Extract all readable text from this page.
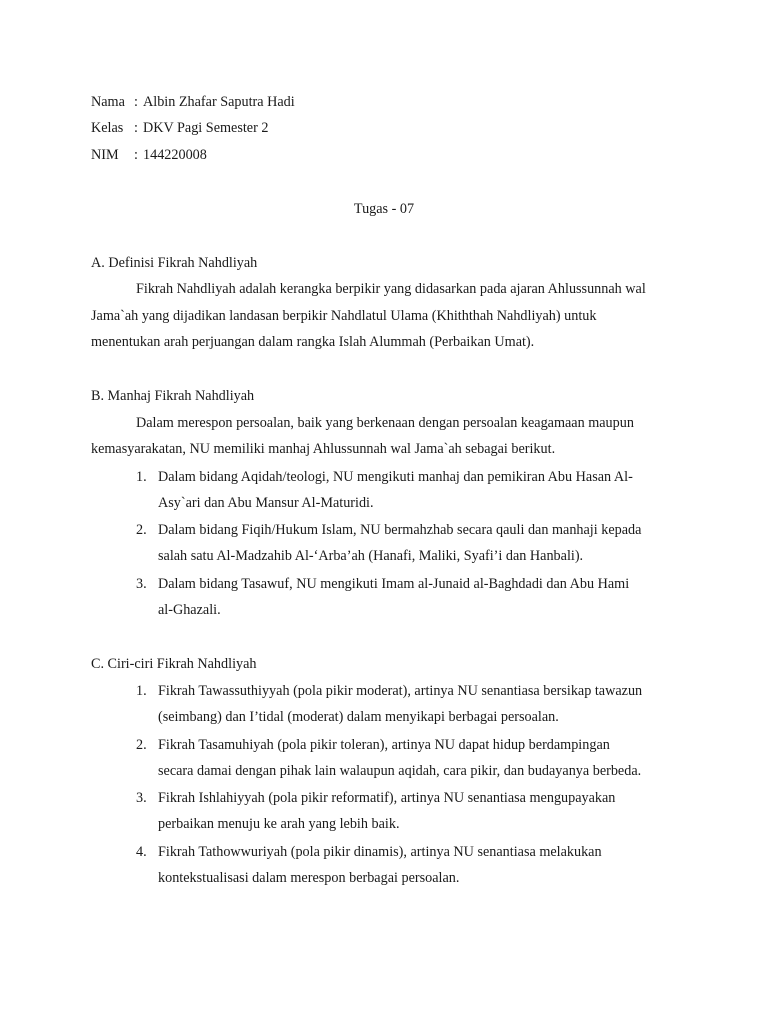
Nama : Albin Zhafar Saputra Hadi
Kelas : DKV Pagi Semester 2
NIM : 144220008
Tugas - 07
A. Definisi Fikrah Nahdliyah
Fikrah Nahdliyah adalah kerangka berpikir yang didasarkan pada ajaran Ahlussunnah wal
Jama`ah yang dijadikan landasan berpikir Nahdlatul Ulama (Khiththah Nahdliyah) untuk
menentukan arah perjuangan dalam rangka Islah Alummah (Perbaikan Umat).
B. Manhaj Fikrah Nahdliyah
Dalam merespon persoalan, baik yang berkenaan dengan persoalan keagamaan maupun
kemasyarakatan, NU memiliki manhaj Ahlussunnah wal Jama`ah sebagai berikut.
1. Dalam bidang Aqidah/teologi, NU mengikuti manhaj dan pemikiran Abu Hasan Al-
Asy`ari dan Abu Mansur Al-Maturidi.
2. Dalam bidang Fiqih/Hukum Islam, NU bermahzhab secara qauli dan manhaji kepada
salah satu Al-Madzahib Al-‘Arba’ah (Hanafi, Maliki, Syafi’i dan Hanbali).
3. Dalam bidang Tasawuf, NU mengikuti Imam al-Junaid al-Baghdadi dan Abu Hami
al-Ghazali.
C. Ciri-ciri Fikrah Nahdliyah
1. Fikrah Tawassuthiyyah (pola pikir moderat), artinya NU senantiasa bersikap tawazun
(seimbang) dan I’tidal (moderat) dalam menyikapi berbagai persoalan.
2. Fikrah Tasamuhiyah (pola pikir toleran), artinya NU dapat hidup berdampingan
secara damai dengan pihak lain walaupun aqidah, cara pikir, dan budayanya berbeda.
3. Fikrah Ishlahiyyah (pola pikir reformatif), artinya NU senantiasa mengupayakan
perbaikan menuju ke arah yang lebih baik.
4. Fikrah Tathowwuriyah (pola pikir dinamis), artinya NU senantiasa melakukan
kontekstualisasi dalam merespon berbagai persoalan.
